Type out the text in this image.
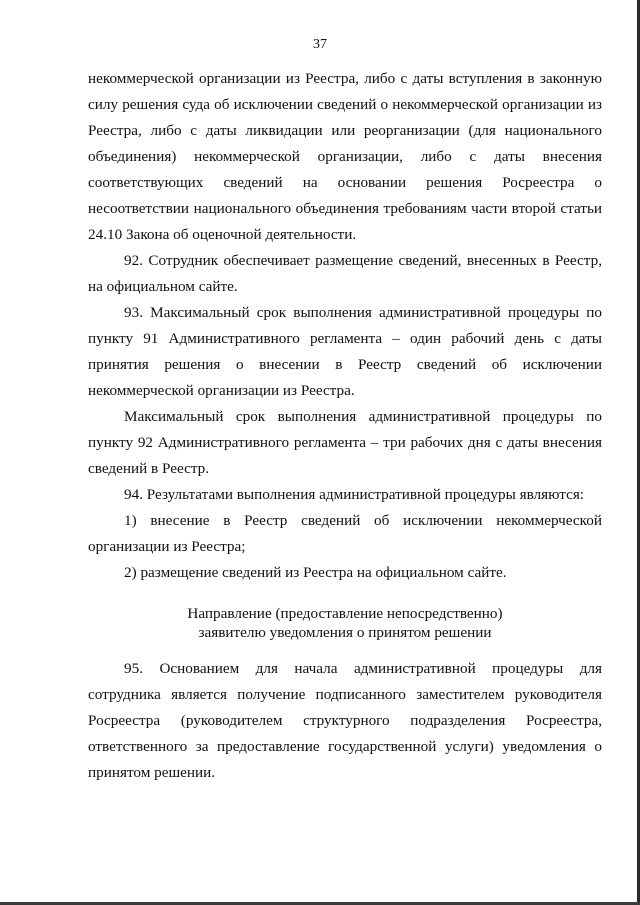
37

некоммерческой организации из Реестра, либо с даты вступления в законную силу решения суда об исключении сведений о некоммерческой организации из Реестра, либо с даты ликвидации или реорганизации (для национального объединения) некоммерческой организации, либо с даты внесения соответствующих сведений на основании решения Росреестра о несоответствии национального объединения требованиям части второй статьи 24.10 Закона об оценочной деятельности.

92. Сотрудник обеспечивает размещение сведений, внесенных в Реестр, на официальном сайте.

93. Максимальный срок выполнения административной процедуры по пункту 91 Административного регламента – один рабочий день с даты принятия решения о внесении в Реестр сведений об исключении некоммерческой организации из Реестра.

Максимальный срок выполнения административной процедуры по пункту 92 Административного регламента – три рабочих дня с даты внесения сведений в Реестр.

94. Результатами выполнения административной процедуры являются:

1) внесение в Реестр сведений об исключении некоммерческой организации из Реестра;

2) размещение сведений из Реестра на официальном сайте.

Направление (предоставление непосредственно)
заявителю уведомления о принятом решении

95. Основанием для начала административной процедуры для сотрудника является получение подписанного заместителем руководителя Росреестра (руководителем структурного подразделения Росреестра, ответственного за предоставление государственной услуги) уведомления о принятом решении.
